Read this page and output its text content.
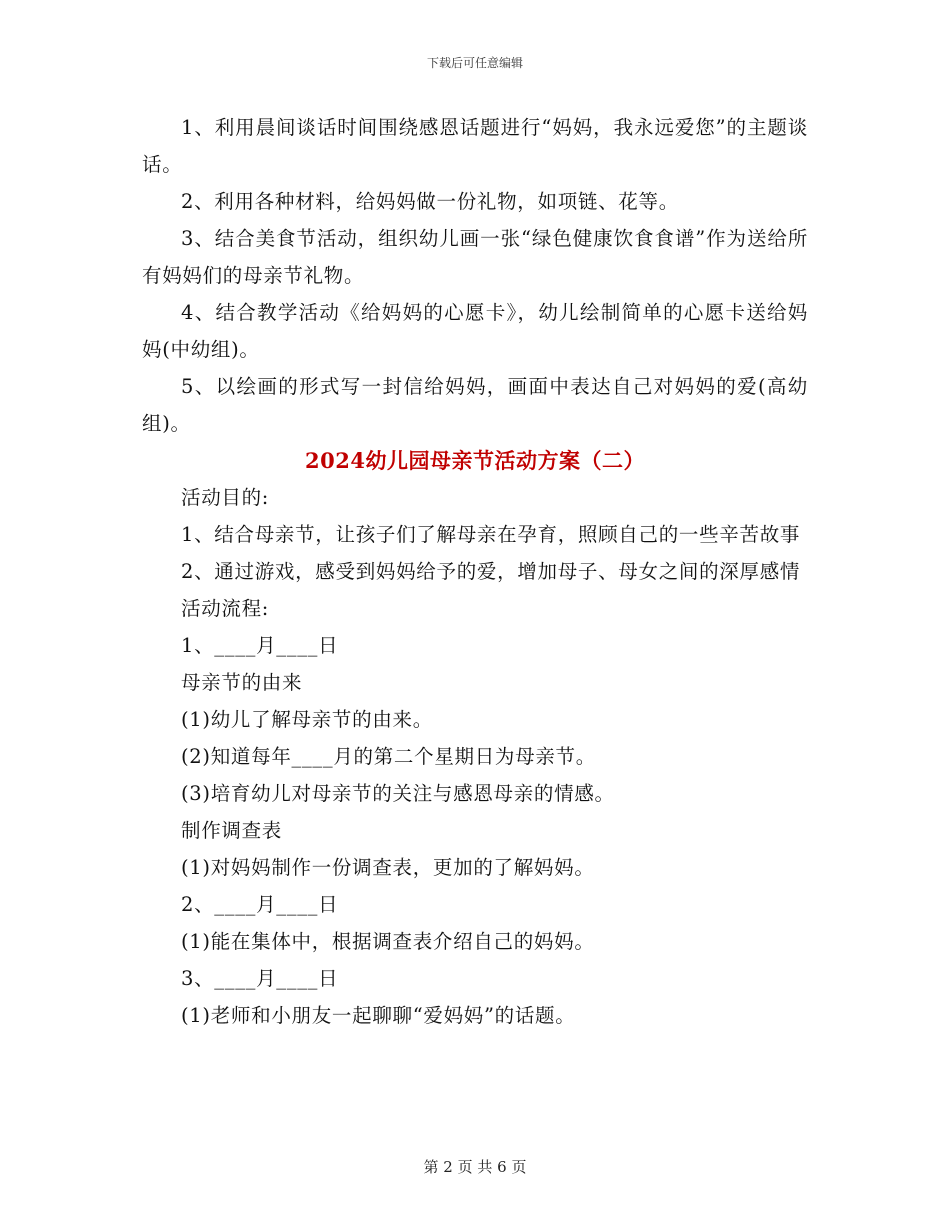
下载后可任意编辑

1、利用晨间谈话时间围绕感恩话题进行“妈妈，我永远爱您”的主题谈话。

2、利用各种材料，给妈妈做一份礼物，如项链、花等。

3、结合美食节活动，组织幼儿画一张“绿色健康饮食食谱”作为送给所有妈妈们的母亲节礼物。

4、结合教学活动《给妈妈的心愿卡》，幼儿绘制简单的心愿卡送给妈妈(中幼组)。

5、以绘画的形式写一封信给妈妈，画面中表达自己对妈妈的爱(高幼组)。

2024幼儿园母亲节活动方案（二）

活动目的:

1、结合母亲节，让孩子们了解母亲在孕育，照顾自己的一些辛苦故事

2、通过游戏，感受到妈妈给予的爱，增加母子、母女之间的深厚感情

活动流程:

1、____月____日

母亲节的由来

(1)幼儿了解母亲节的由来。

(2)知道每年____月的第二个星期日为母亲节。

(3)培育幼儿对母亲节的关注与感恩母亲的情感。

制作调查表

(1)对妈妈制作一份调查表，更加的了解妈妈。

2、____月____日

(1)能在集体中，根据调查表介绍自己的妈妈。

3、____月____日

(1)老师和小朋友一起聊聊“爱妈妈”的话题。

第 2 页 共 6 页
